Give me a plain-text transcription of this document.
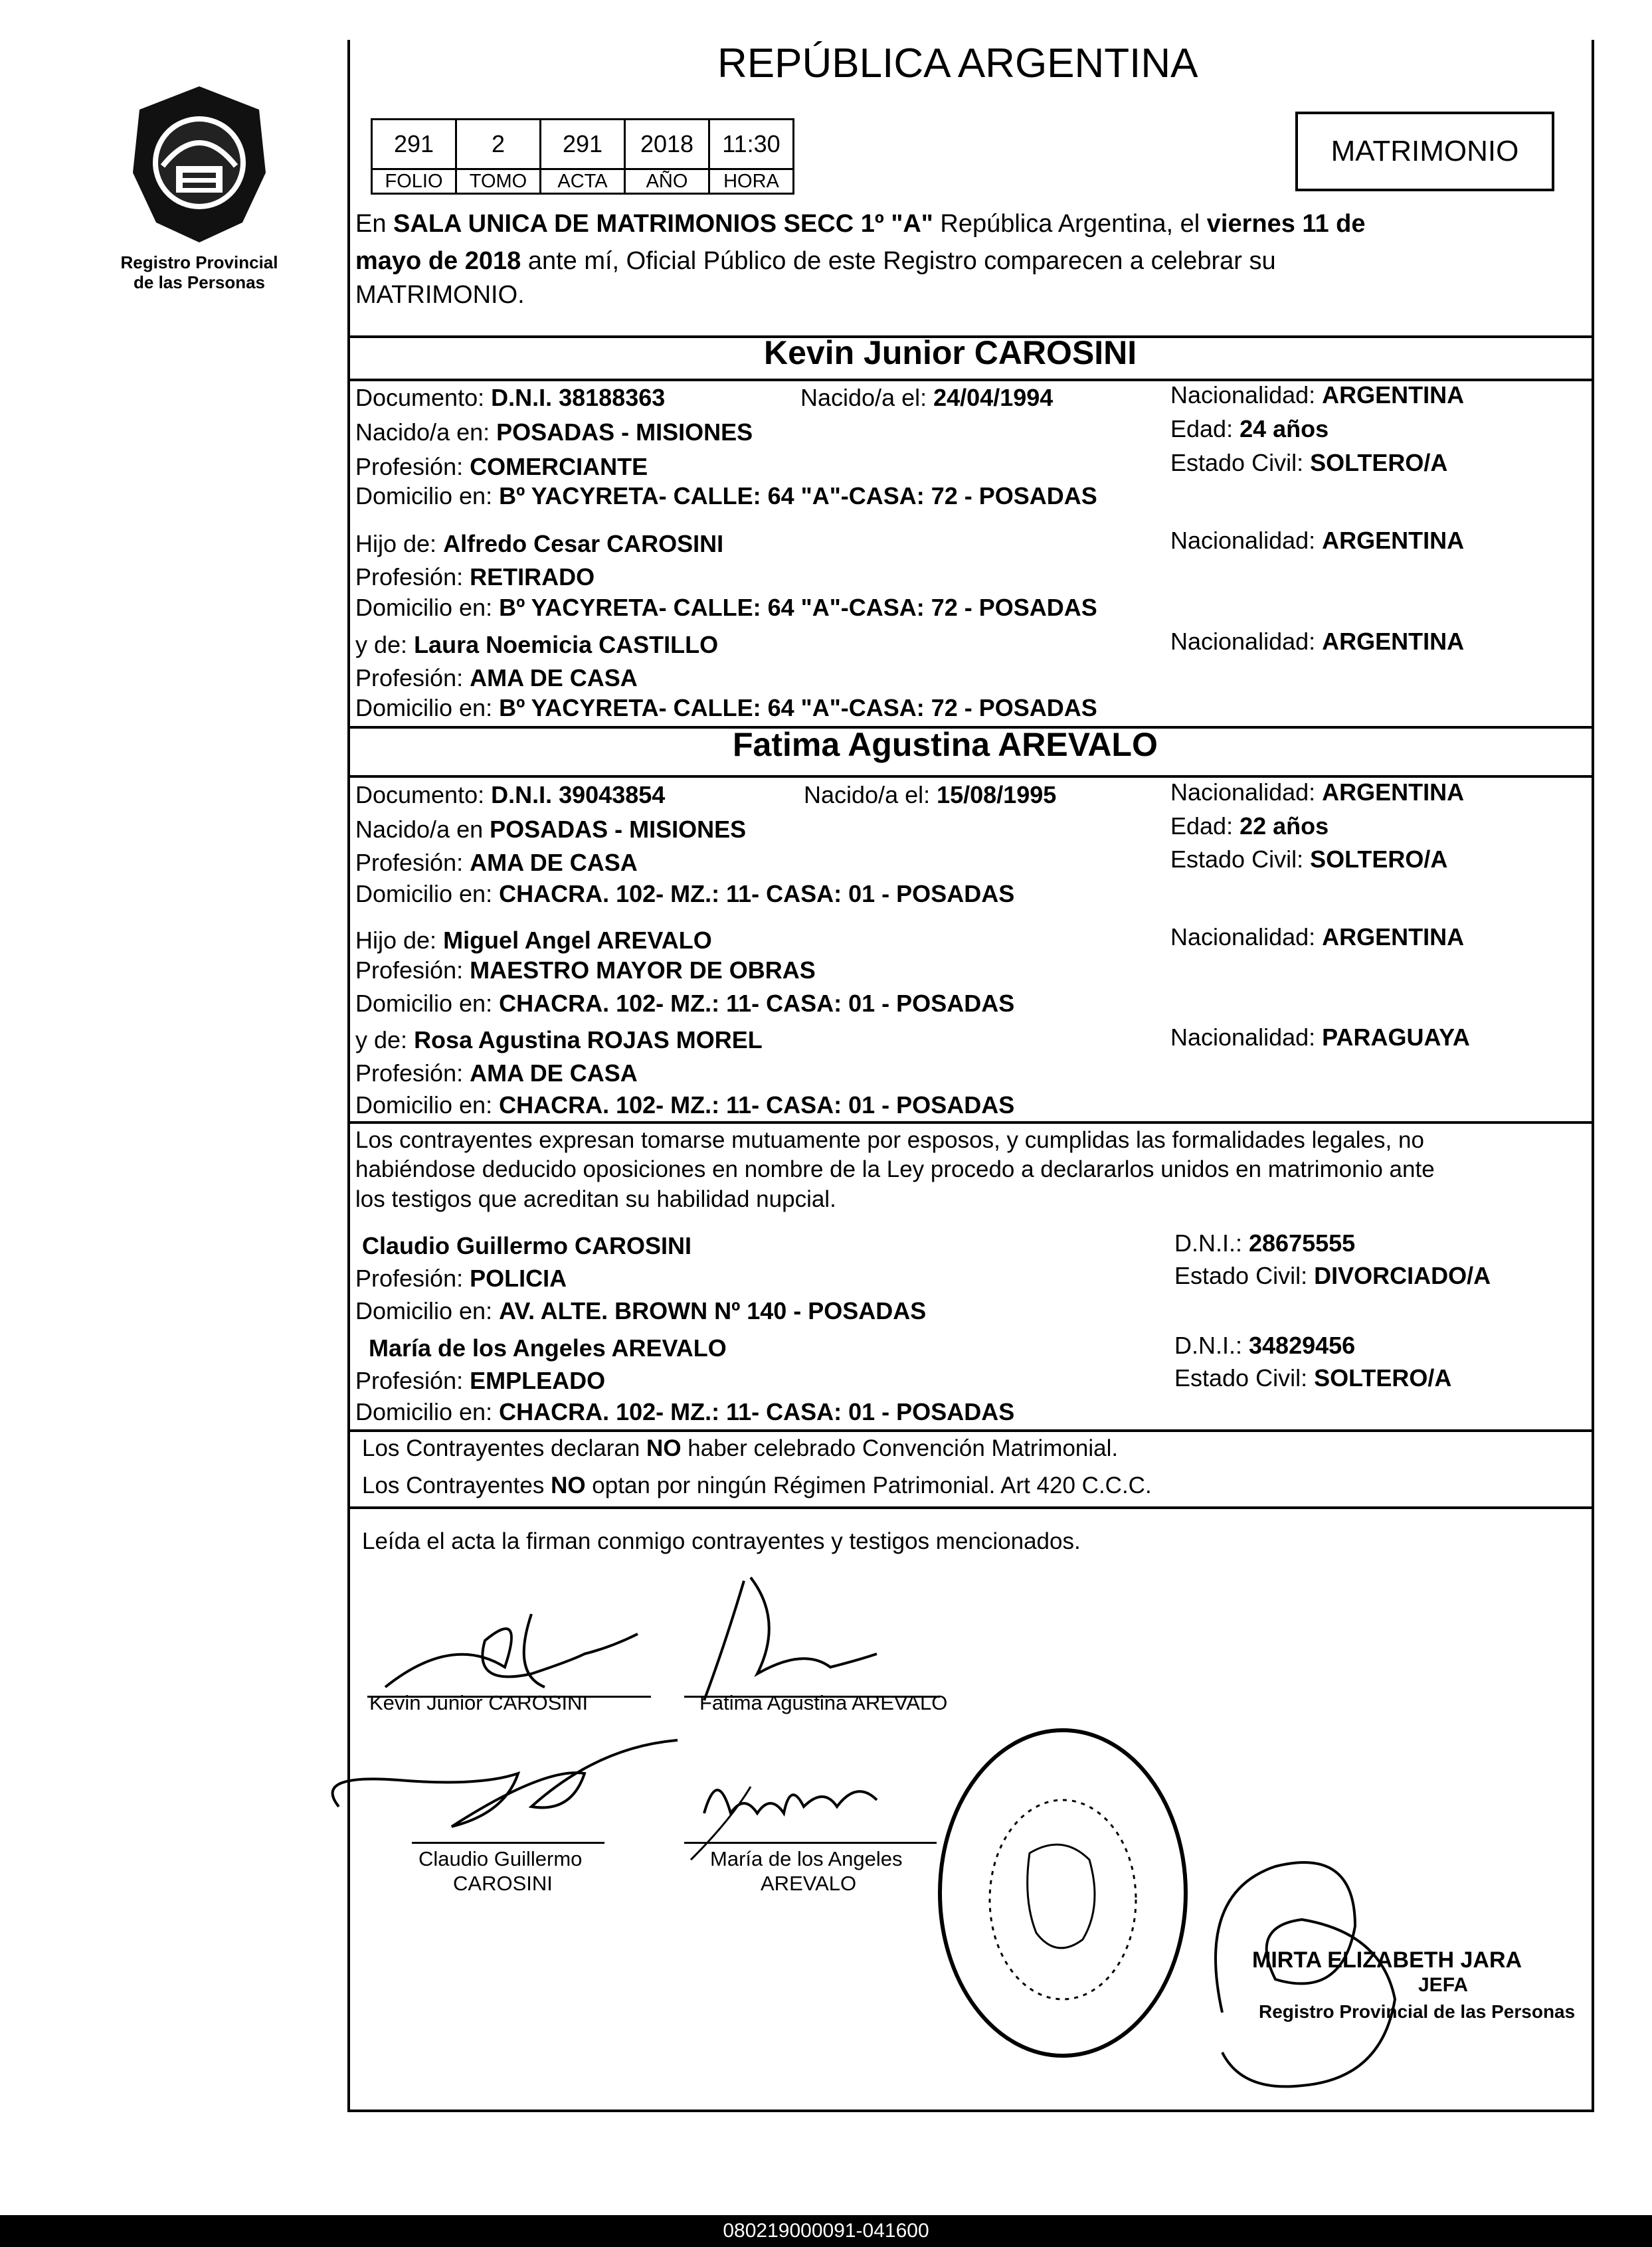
Registro Provincial de las Personas
REPÚBLICA ARGENTINA
291	2	291	2018	11:30
FOLIO	TOMO	ACTA	AÑO	HORA
MATRIMONIO
En SALA UNICA DE MATRIMONIOS SECC 1º "A" República Argentina, el viernes 11 de
mayo de 2018 ante mí, Oficial Público de este Registro comparecen a celebrar su
MATRIMONIO.
Kevin Junior CAROSINI
Documento: D.N.I. 38188363	Nacido/a el: 24/04/1994	Nacionalidad: ARGENTINA
Nacido/a en: POSADAS - MISIONES	Edad: 24 años
Profesión: COMERCIANTE	Estado Civil: SOLTERO/A
Domicilio en: Bº YACYRETA- CALLE: 64 "A"-CASA: 72 - POSADAS
Hijo de: Alfredo Cesar CAROSINI	Nacionalidad: ARGENTINA
Profesión: RETIRADO
Domicilio en: Bº YACYRETA- CALLE: 64 "A"-CASA: 72 - POSADAS
y de: Laura Noemicia CASTILLO	Nacionalidad: ARGENTINA
Profesión: AMA DE CASA
Domicilio en: Bº YACYRETA- CALLE: 64 "A"-CASA: 72 - POSADAS
Fatima Agustina AREVALO
Documento: D.N.I. 39043854	Nacido/a el: 15/08/1995	Nacionalidad: ARGENTINA
Nacido/a en POSADAS - MISIONES	Edad: 22 años
Profesión: AMA DE CASA	Estado Civil: SOLTERO/A
Domicilio en: CHACRA. 102- MZ.: 11- CASA: 01 - POSADAS
Hijo de: Miguel Angel AREVALO	Nacionalidad: ARGENTINA
Profesión: MAESTRO MAYOR DE OBRAS
Domicilio en: CHACRA. 102- MZ.: 11- CASA: 01 - POSADAS
y de: Rosa Agustina ROJAS MOREL	Nacionalidad: PARAGUAYA
Profesión: AMA DE CASA
Domicilio en: CHACRA. 102- MZ.: 11- CASA: 01 - POSADAS
Los contrayentes expresan tomarse mutuamente por esposos, y cumplidas las formalidades legales, no
habiéndose deducido oposiciones en nombre de la Ley procedo a declararlos unidos en matrimonio ante
los testigos que acreditan su habilidad nupcial.
Claudio Guillermo CAROSINI	D.N.I.: 28675555
Profesión: POLICIA	Estado Civil: DIVORCIADO/A
Domicilio en: AV. ALTE. BROWN Nº 140 - POSADAS
María de los Angeles AREVALO	D.N.I.: 34829456
Profesión: EMPLEADO	Estado Civil: SOLTERO/A
Domicilio en: CHACRA. 102- MZ.: 11- CASA: 01 - POSADAS
Los Contrayentes declaran NO haber celebrado Convención Matrimonial.
Los Contrayentes NO optan por ningún Régimen Patrimonial. Art 420 C.C.C.
Leída el acta la firman conmigo contrayentes y testigos mencionados.
Kevin Junior CAROSINI	Fatima Agustina AREVALO
Claudio Guillermo
CAROSINI
María de los Angeles
AREVALO
MIRTA ELIZABETH JARA
JEFA
Registro Provincial de las Personas
080219000091-041600
